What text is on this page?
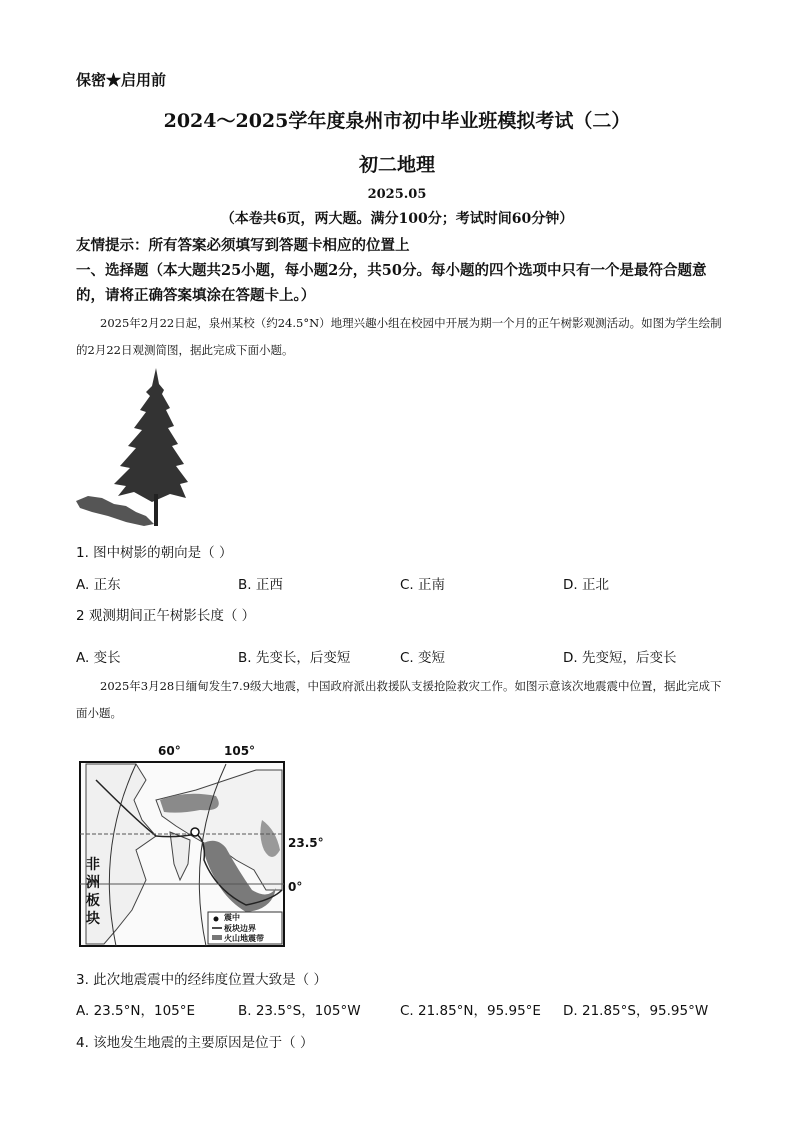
保密★启用前
2024～2025学年度泉州市初中毕业班模拟考试（二）
初二地理
2025.05
（本卷共6页，两大题。满分100分；考试时间60分钟）
友情提示：所有答案必须填写到答题卡相应的位置上
一、选择题（本大题共25小题，每小题2分，共50分。每小题的四个选项中只有一个是最符合题意的，请将正确答案填涂在答题卡上。）
2025年2月22日起，泉州某校（约24.5°N）地理兴趣小组在校园中开展为期一个月的正午树影观测活动。如图为学生绘制的2月22日观测简图，据此完成下面小题。
1. 图中树影的朝向是（ ）
A. 正东	B. 正西	C. 正南	D. 正北
2 观测期间正午树影长度（ ）
A. 变长	B. 先变长，后变短	C. 变短	D. 先变短，后变长
2025年3月28日缅甸发生7.9级大地震，中国政府派出救援队支援抢险救灾工作。如图示意该次地震震中位置，据此完成下面小题。
60°	105°
23.5°
0°
非
洲
板
块	震中
板块边界
火山地震带
3. 此次地震震中的经纬度位置大致是（ ）
A. 23.5°N，105°E	B. 23.5°S，105°W	C. 21.85°N，95.95°E D. 21.85°S，95.95°W
4. 该地发生地震的主要原因是位于（ ）
